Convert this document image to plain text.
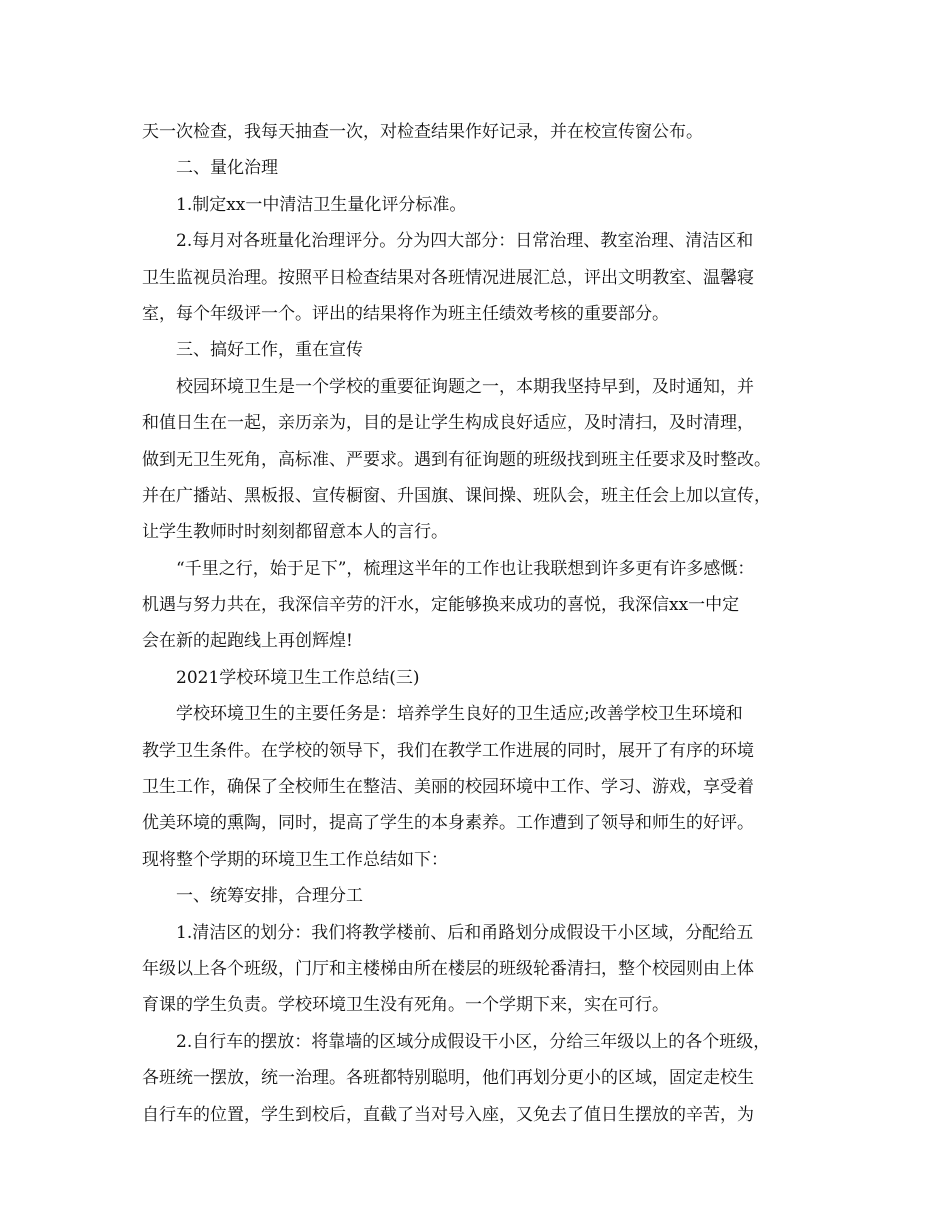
天一次检查，我每天抽查一次，对检查结果作好记录，并在校宣传窗公布。
二、量化治理
1.制定xx一中清洁卫生量化评分标准。
2.每月对各班量化治理评分。分为四大部分：日常治理、教室治理、清洁区和
卫生监视员治理。按照平日检查结果对各班情况进展汇总，评出文明教室、温馨寝
室，每个年级评一个。评出的结果将作为班主任绩效考核的重要部分。
三、搞好工作，重在宣传
校园环境卫生是一个学校的重要征询题之一，本期我坚持早到，及时通知，并
和值日生在一起，亲历亲为，目的是让学生构成良好适应，及时清扫，及时清理，
做到无卫生死角，高标准、严要求。遇到有征询题的班级找到班主任要求及时整改。
并在广播站、黑板报、宣传橱窗、升国旗、课间操、班队会，班主任会上加以宣传，
让学生教师时时刻刻都留意本人的言行。
“千里之行，始于足下”，梳理这半年的工作也让我联想到许多更有许多感慨：
机遇与努力共在，我深信辛劳的汗水，定能够换来成功的喜悦，我深信xx一中定
会在新的起跑线上再创辉煌!
2021学校环境卫生工作总结(三)
学校环境卫生的主要任务是：培养学生良好的卫生适应;改善学校卫生环境和
教学卫生条件。在学校的领导下，我们在教学工作进展的同时，展开了有序的环境
卫生工作，确保了全校师生在整洁、美丽的校园环境中工作、学习、游戏，享受着
优美环境的熏陶，同时，提高了学生的本身素养。工作遭到了领导和师生的好评。
现将整个学期的环境卫生工作总结如下：
一、统筹安排，合理分工
1.清洁区的划分：我们将教学楼前、后和甬路划分成假设干小区域，分配给五
年级以上各个班级，门厅和主楼梯由所在楼层的班级轮番清扫，整个校园则由上体
育课的学生负责。学校环境卫生没有死角。一个学期下来，实在可行。
2.自行车的摆放：将靠墙的区域分成假设干小区，分给三年级以上的各个班级，
各班统一摆放，统一治理。各班都特别聪明，他们再划分更小的区域，固定走校生
自行车的位置，学生到校后，直截了当对号入座，又免去了值日生摆放的辛苦，为
